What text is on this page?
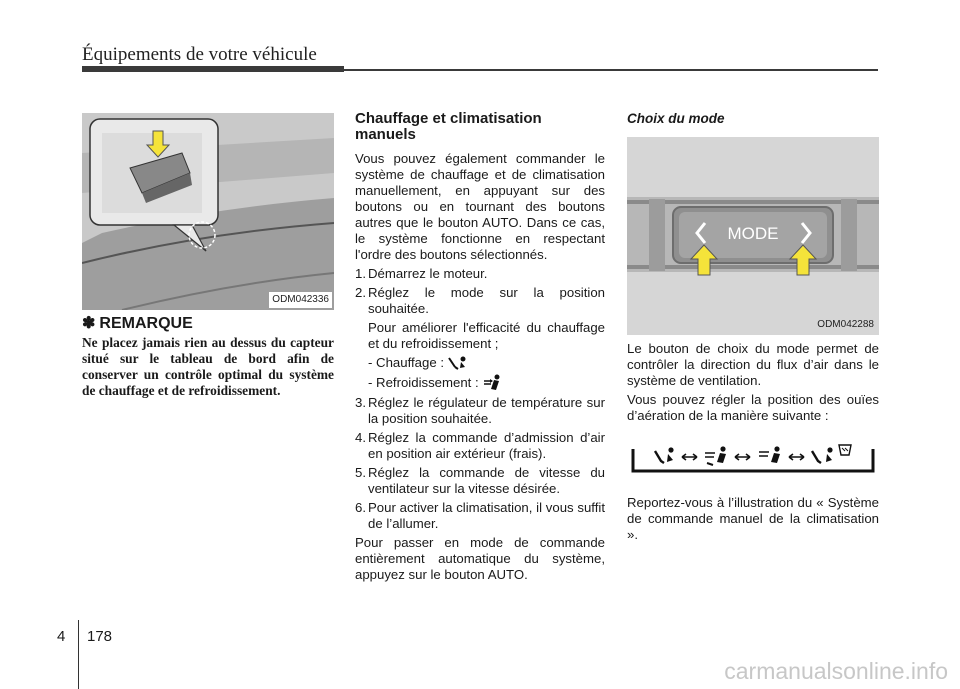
Équipements de votre véhicule
ODM042336
✽ REMARQUE
Ne placez jamais rien au dessus du capteur situé sur le tableau de bord afin de conserver un contrôle optimal du système de chauffage et de refroidissement.
Chauffage et climatisation manuels
Vous pouvez également commander le système de chauffage et de climatisation manuellement, en appuyant sur des boutons ou en tournant des boutons autres que le bouton AUTO. Dans ce cas, le système fonctionne en respectant l'ordre des boutons sélectionnés.
1. Démarrez le moteur.
2. Réglez le mode sur la position souhaitée.
Pour améliorer l'efficacité du chauffage et du refroidissement ;
- Chauffage :
- Refroidissement :
3. Réglez le régulateur de température sur la position souhaitée.
4. Réglez la commande d’admission d’air en position air extérieur (frais).
5. Réglez la commande de vitesse du ventilateur sur la vitesse désirée.
6. Pour activer la climatisation, il vous suffit de l’allumer.
Pour passer en mode de commande entièrement automatique du système, appuyez sur le bouton AUTO.
Choix du mode
MODE
ODM042288
Le bouton de choix du mode permet de contrôler la direction du flux d’air dans le système de ventilation.
Vous pouvez régler la position des ouïes d’aération de la manière suivante :
Reportez-vous à l’illustration du « Système de commande manuel de la climatisation ».
4 178
carmanualsonline.info
